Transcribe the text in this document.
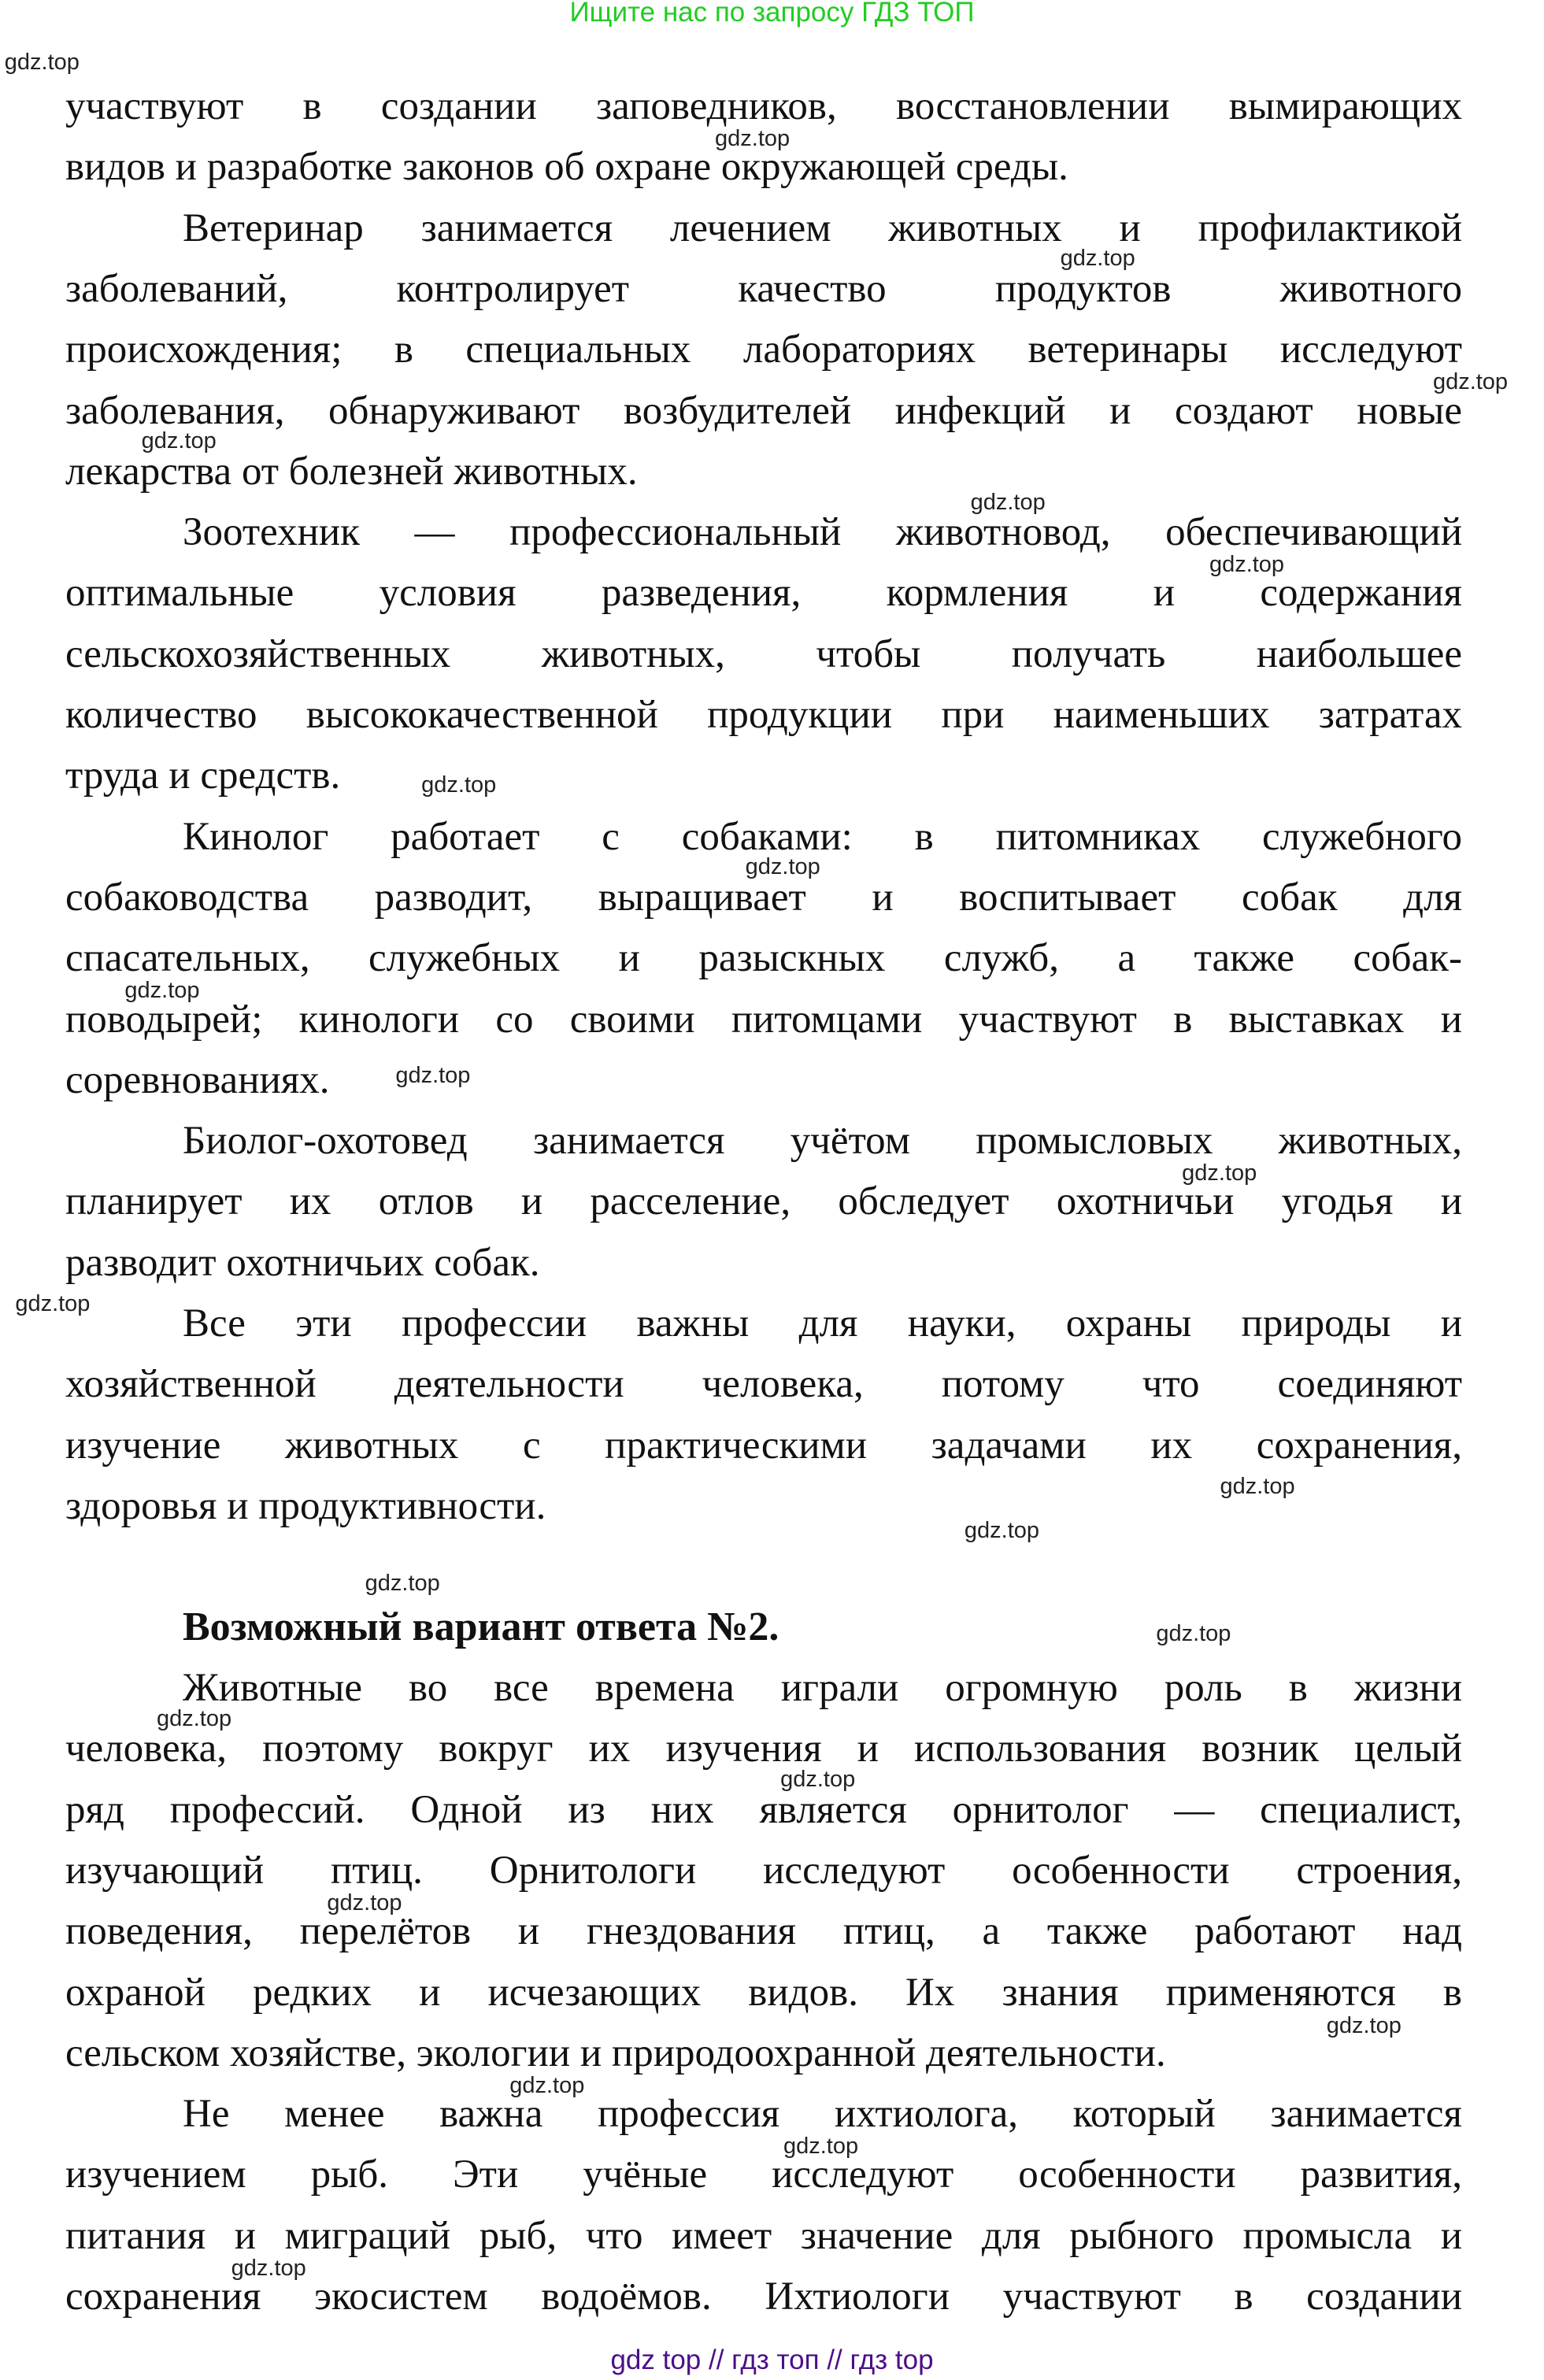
Ищите нас по запросу ГДЗ ТОП
участвуют в создании заповедников, восстановлении вымирающих
видов и разработке законов об охране окружающей среды.
Ветеринар занимается лечением животных и профилактикой
заболеваний, контролирует качество продуктов животного
происхождения; в специальных лабораториях ветеринары исследуют
заболевания, обнаруживают возбудителей инфекций и создают новые
лекарства от болезней животных.
Зоотехник — профессиональный животновод, обеспечивающий
оптимальные условия разведения, кормления и содержания
сельскохозяйственных животных, чтобы получать наибольшее
количество высококачественной продукции при наименьших затратах
труда и средств.
Кинолог работает с собаками: в питомниках служебного
собаководства разводит, выращивает и воспитывает собак для
спасательных, служебных и разыскных служб, а также собак-
поводырей; кинологи со своими питомцами участвуют в выставках и
соревнованиях.
Биолог-охотовед занимается учётом промысловых животных,
планирует их отлов и расселение, обследует охотничьи угодья и
разводит охотничьих собак.
Все эти профессии важны для науки, охраны природы и
хозяйственной деятельности человека, потому что соединяют
изучение животных с практическими задачами их сохранения,
здоровья и продуктивности.
Животные во все времена играли огромную роль в жизни
человека, поэтому вокруг их изучения и использования возник целый
ряд профессий. Одной из них является орнитолог — специалист,
изучающий птиц. Орнитологи исследуют особенности строения,
поведения, перелётов и гнездования птиц, а также работают над
охраной редких и исчезающих видов. Их знания применяются в
сельском хозяйстве, экологии и природоохранной деятельности.
Не менее важна профессия ихтиолога, который занимается
изучением рыб. Эти учёные исследуют особенности развития,
питания и миграций рыб, что имеет значение для рыбного промысла и
сохранения экосистем водоёмов. Ихтиологи участвуют в создании
gdz.top
gdz.top
gdz.top
gdz.top
gdz.top
gdz.top
gdz.top
gdz.top
gdz.top
gdz.top
gdz.top
gdz.top
gdz.top
gdz.top
gdz.top
gdz.top
gdz.top
gdz.top
gdz.top
gdz.top
gdz.top
gdz.top
gdz.top
gdz.top
Возможный вариант ответа №2.
gdz top // гдз топ // гдз top
